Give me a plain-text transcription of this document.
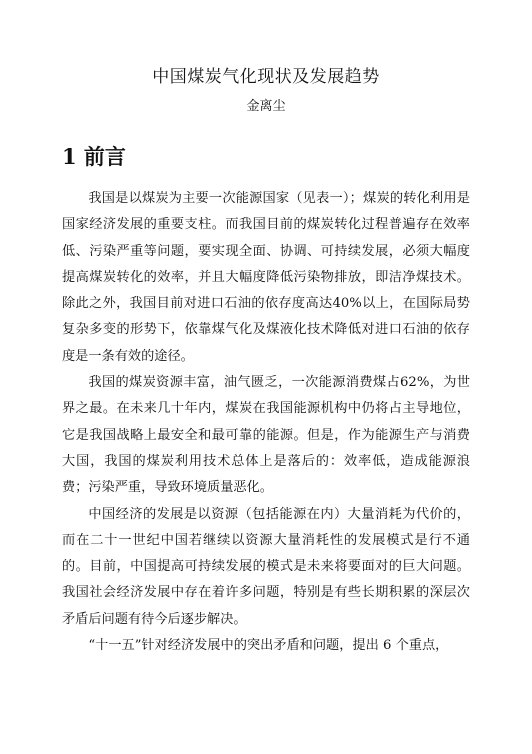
中国煤炭气化现状及发展趋势
金离尘
1 前言

我国是以煤炭为主要一次能源国家（见表一）；煤炭的转化利用是国家经济发展的重要支柱。而我国目前的煤炭转化过程普遍存在效率低、污染严重等问题，要实现全面、协调、可持续发展，必须大幅度提高煤炭转化的效率，并且大幅度降低污染物排放，即洁净煤技术。除此之外，我国目前对进口石油的依存度高达40%以上，在国际局势复杂多变的形势下，依靠煤气化及煤液化技术降低对进口石油的依存度是一条有效的途径。

我国的煤炭资源丰富，油气匮乏，一次能源消费煤占62%，为世界之最。在未来几十年内，煤炭在我国能源机构中仍将占主导地位，它是我国战略上最安全和最可靠的能源。但是，作为能源生产与消费大国，我国的煤炭利用技术总体上是落后的：效率低，造成能源浪费；污染严重，导致环境质量恶化。

中国经济的发展是以资源（包括能源在内）大量消耗为代价的，而在二十一世纪中国若继续以资源大量消耗性的发展模式是行不通的。目前，中国提高可持续发展的模式是未来将要面对的巨大问题。我国社会经济发展中存在着许多问题，特别是有些长期积累的深层次矛盾后问题有待今后逐步解决。

“十一五”针对经济发展中的突出矛盾和问题，提出 6 个重点，
